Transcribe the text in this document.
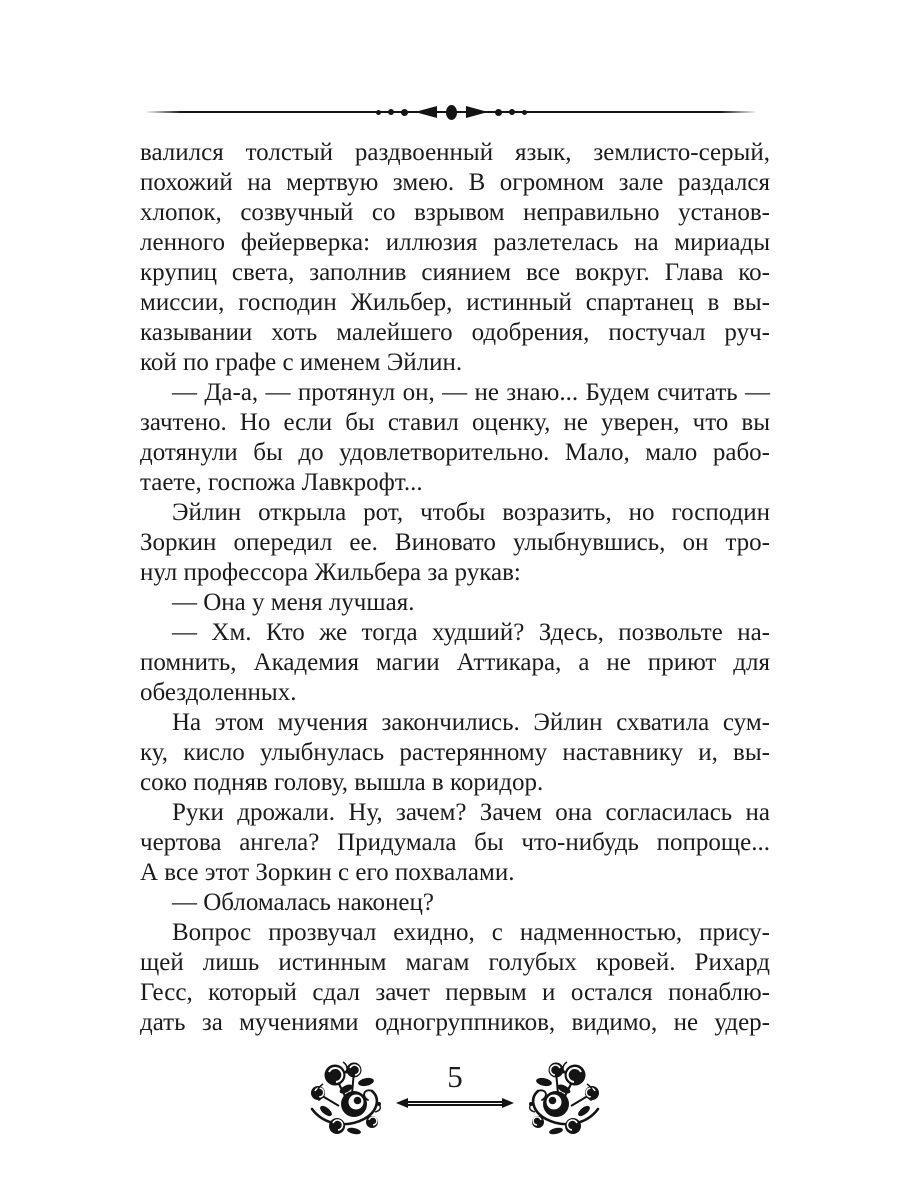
валился толстый раздвоенный язык, землисто-серый,
похожий на мертвую змею. В огромном зале раздался
хлопок, созвучный со взрывом неправильно установ-
ленного фейерверка: иллюзия разлетелась на мириады
крупиц света, заполнив сиянием все вокруг. Глава ко-
миссии, господин Жильбер, истинный спартанец в вы-
казывании хоть малейшего одобрения, постучал руч-
кой по графе с именем Эйлин.
— Да-а, — протянул он, — не знаю... Будем считать —
зачтено. Но если бы ставил оценку, не уверен, что вы
дотянули бы до удовлетворительно. Мало, мало рабо-
таете, госпожа Лавкрофт...
Эйлин открыла рот, чтобы возразить, но господин
Зоркин опередил ее. Виновато улыбнувшись, он тро-
нул профессора Жильбера за рукав:
— Она у меня лучшая.
— Хм. Кто же тогда худший? Здесь, позвольте на-
помнить, Академия магии Аттикара, а не приют для
обездоленных.
На этом мучения закончились. Эйлин схватила сум-
ку, кисло улыбнулась растерянному наставнику и, вы-
соко подняв голову, вышла в коридор.
Руки дрожали. Ну, зачем? Зачем она согласилась на
чертова ангела? Придумала бы что-нибудь попроще...
А все этот Зоркин с его похвалами.
— Обломалась наконец?
Вопрос прозвучал ехидно, с надменностью, прису-
щей лишь истинным магам голубых кровей. Рихард
Гесс, который сдал зачет первым и остался понаблю-
дать за мучениями одногруппников, видимо, не удер-
5
